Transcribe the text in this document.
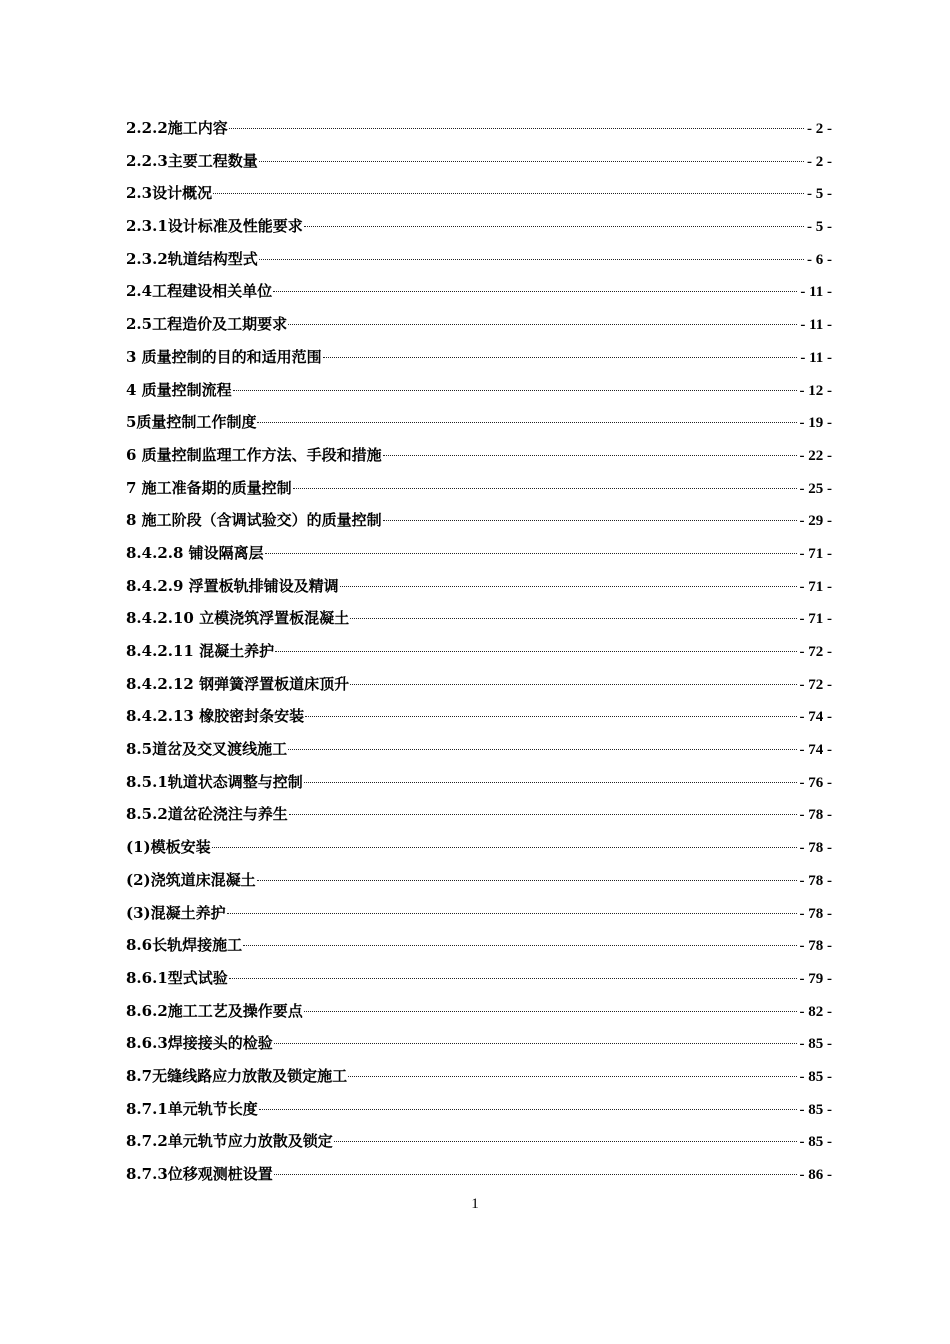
2.2.2施工内容	- 2 -
2.2.3主要工程数量	- 2 -
2.3设计概况	- 5 -
2.3.1设计标准及性能要求	- 5 -
2.3.2轨道结构型式	- 6 -
2.4工程建设相关单位	- 11 -
2.5工程造价及工期要求	- 11 -
3 质量控制的目的和适用范围	- 11 -
4 质量控制流程	- 12 -
5质量控制工作制度	- 19 -
6 质量控制监理工作方法、手段和措施	- 22 -
7 施工准备期的质量控制	- 25 -
8 施工阶段（含调试验交）的质量控制	- 29 -
8.4.2.8 铺设隔离层	- 71 -
8.4.2.9 浮置板轨排铺设及精调	- 71 -
8.4.2.10 立模浇筑浮置板混凝土	- 71 -
8.4.2.11 混凝土养护	- 72 -
8.4.2.12 钢弹簧浮置板道床顶升	- 72 -
8.4.2.13 橡胶密封条安装	- 74 -
8.5道岔及交叉渡线施工	- 74 -
8.5.1轨道状态调整与控制	- 76 -
8.5.2道岔砼浇注与养生	- 78 -
(1)模板安装	- 78 -
(2)浇筑道床混凝土	- 78 -
(3)混凝土养护	- 78 -
8.6长轨焊接施工	- 78 -
8.6.1型式试验	- 79 -
8.6.2施工工艺及操作要点	- 82 -
8.6.3焊接接头的检验	- 85 -
8.7无缝线路应力放散及锁定施工	- 85 -
8.7.1单元轨节长度	- 85 -
8.7.2单元轨节应力放散及锁定	- 85 -
8.7.3位移观测桩设置	- 86 -
1
